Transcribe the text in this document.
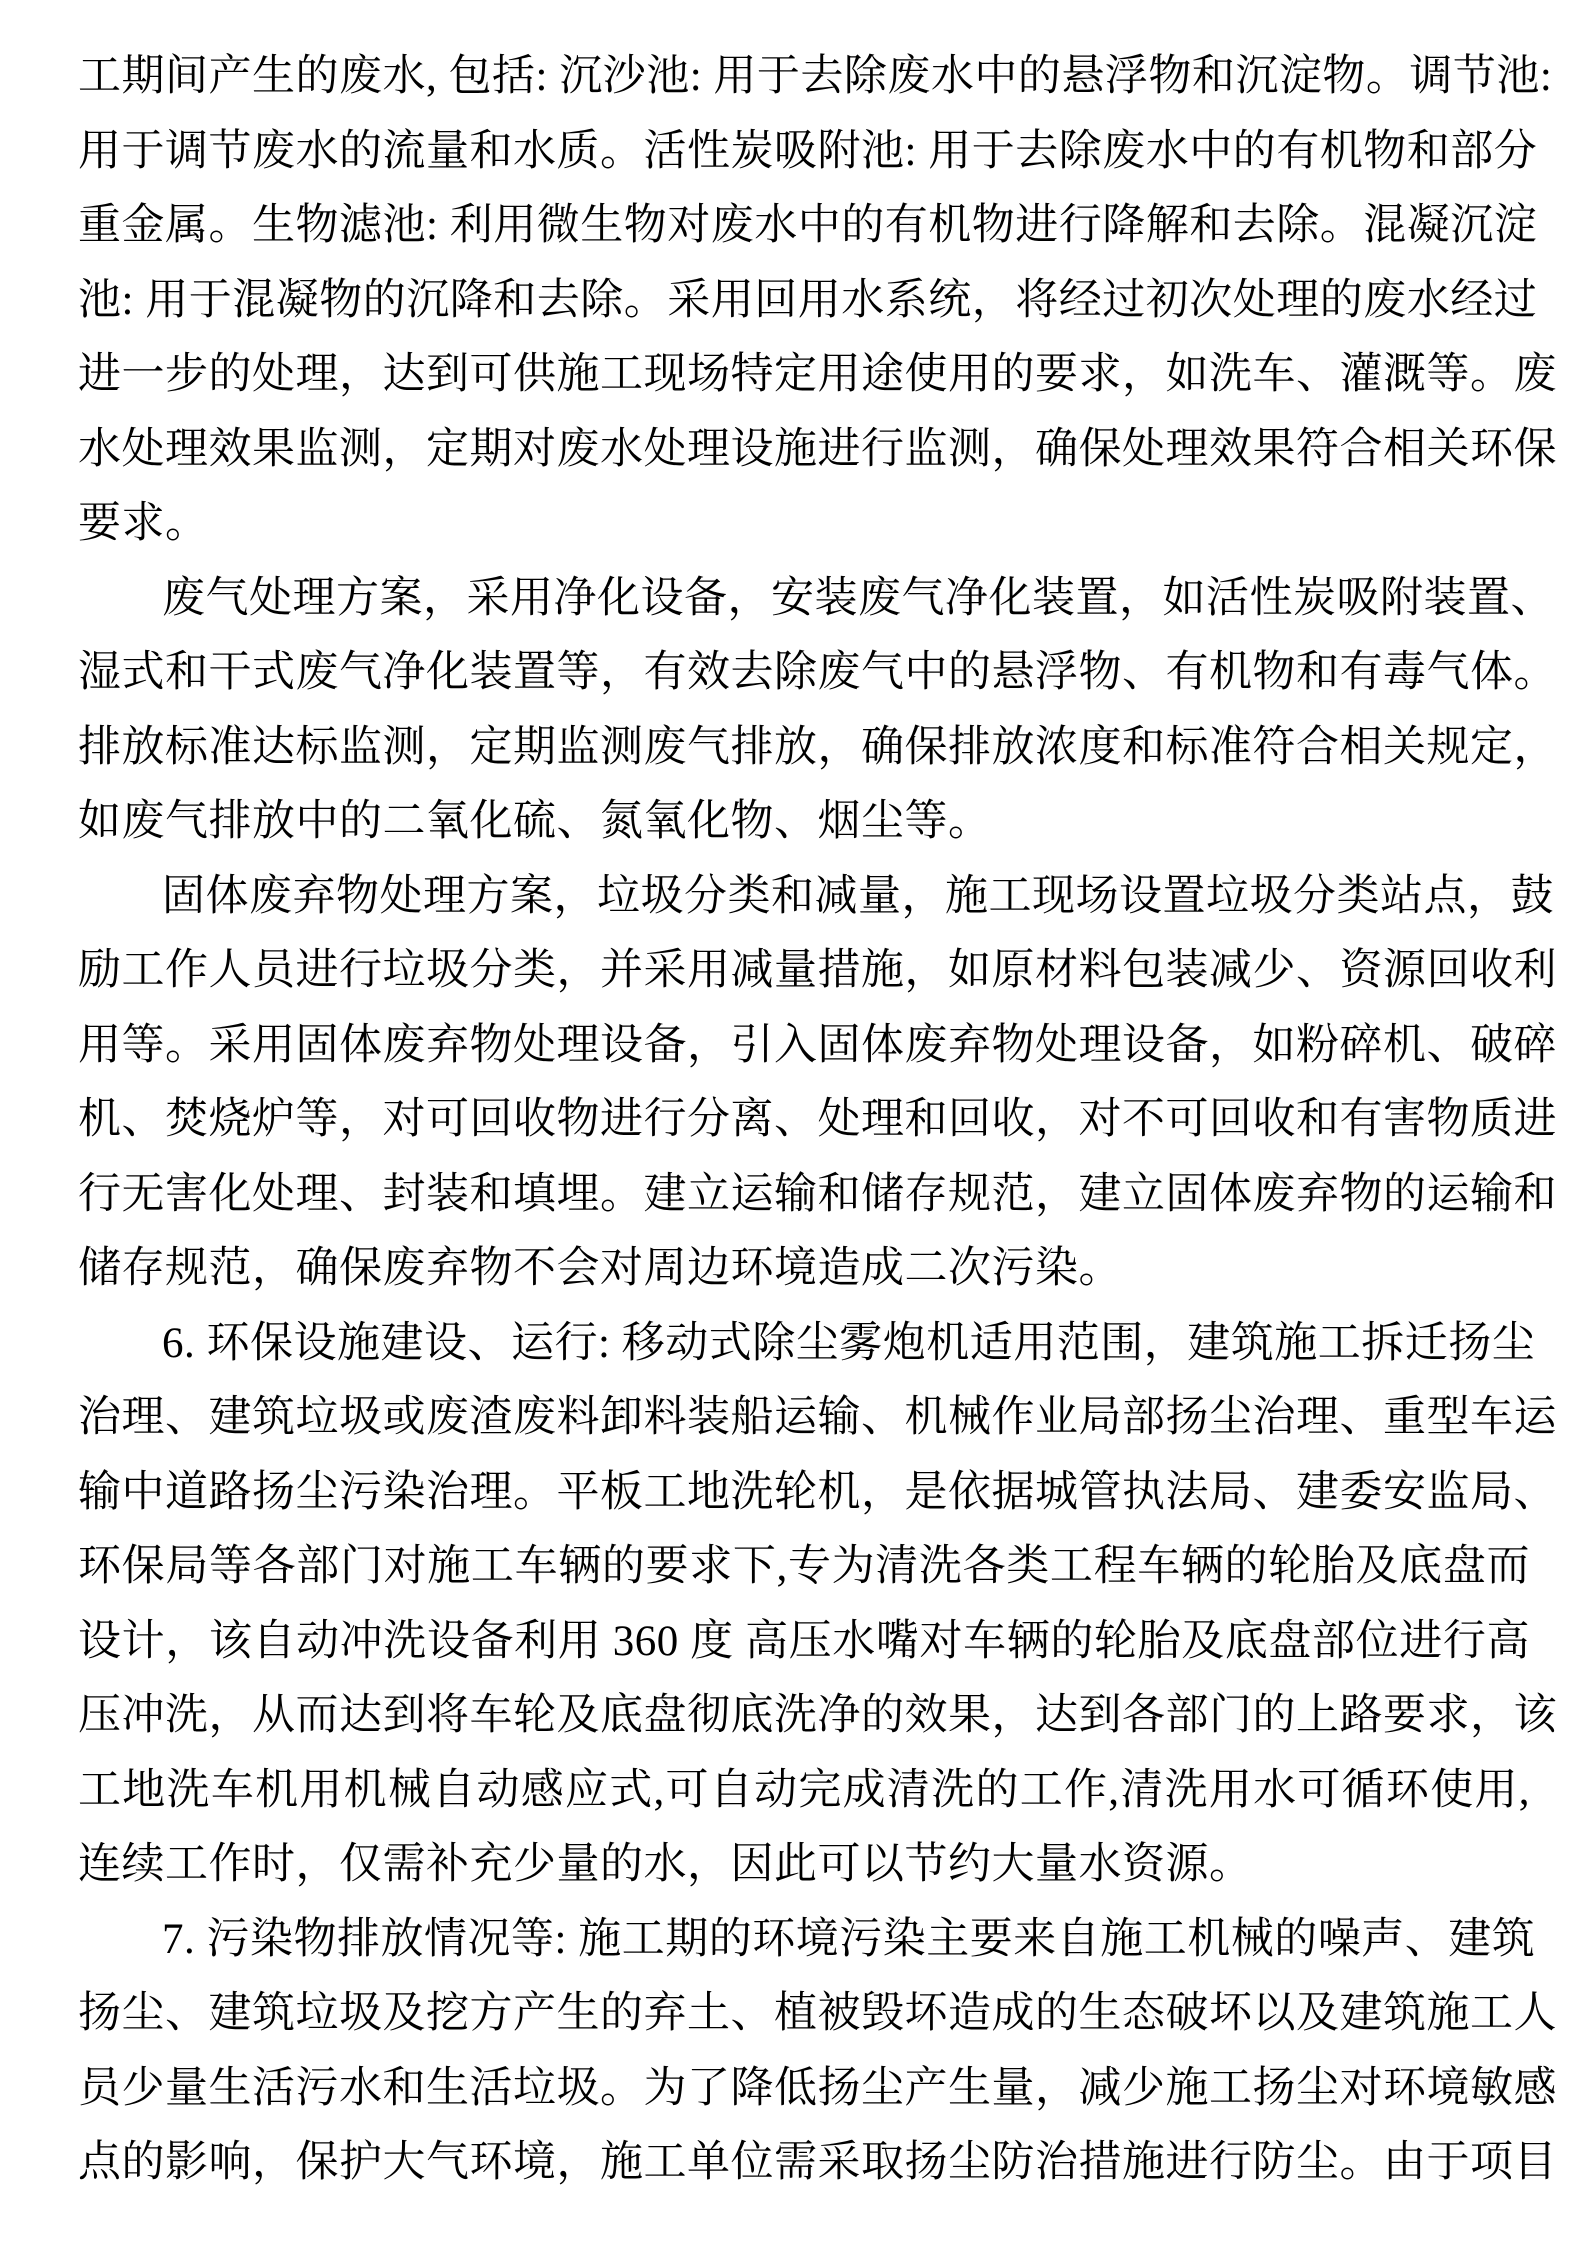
工期间产生的废水, 包括: 沉沙池: 用于去除废水中的悬浮物和沉淀物。调节池:
用于调节废水的流量和水质。活性炭吸附池: 用于去除废水中的有机物和部分
重金属。生物滤池: 利用微生物对废水中的有机物进行降解和去除。混凝沉淀
池: 用于混凝物的沉降和去除。采用回用水系统，将经过初次处理的废水经过
进一步的处理，达到可供施工现场特定用途使用的要求，如洗车、灌溉等。废
水处理效果监测，定期对废水处理设施进行监测，确保处理效果符合相关环保
要求。
废气处理方案，采用净化设备，安装废气净化装置，如活性炭吸附装置、
湿式和干式废气净化装置等，有效去除废气中的悬浮物、有机物和有毒气体。
排放标准达标监测，定期监测废气排放，确保排放浓度和标准符合相关规定，
如废气排放中的二氧化硫、氮氧化物、烟尘等。
固体废弃物处理方案，垃圾分类和减量，施工现场设置垃圾分类站点，鼓
励工作人员进行垃圾分类，并采用减量措施，如原材料包装减少、资源回收利
用等。采用固体废弃物处理设备，引入固体废弃物处理设备，如粉碎机、破碎
机、焚烧炉等，对可回收物进行分离、处理和回收，对不可回收和有害物质进
行无害化处理、封装和填埋。建立运输和储存规范，建立固体废弃物的运输和
储存规范，确保废弃物不会对周边环境造成二次污染。
6. 环保设施建设、运行: 移动式除尘雾炮机适用范围，建筑施工拆迁扬尘
治理、建筑垃圾或废渣废料卸料装船运输、机械作业局部扬尘治理、重型车运
输中道路扬尘污染治理。平板工地洗轮机，是依据城管执法局、建委安监局、
环保局等各部门对施工车辆的要求下,专为清洗各类工程车辆的轮胎及底盘而
设计，该自动冲洗设备利用 360 度 高压水嘴对车辆的轮胎及底盘部位进行高
压冲洗，从而达到将车轮及底盘彻底洗净的效果，达到各部门的上路要求，该
工地洗车机用机械自动感应式,可自动完成清洗的工作,清洗用水可循环使用,
连续工作时，仅需补充少量的水，因此可以节约大量水资源。
7. 污染物排放情况等: 施工期的环境污染主要来自施工机械的噪声、建筑
扬尘、建筑垃圾及挖方产生的弃土、植被毁坏造成的生态破坏以及建筑施工人
员少量生活污水和生活垃圾。为了降低扬尘产生量，减少施工扬尘对环境敏感
点的影响，保护大气环境，施工单位需采取扬尘防治措施进行防尘。由于项目
